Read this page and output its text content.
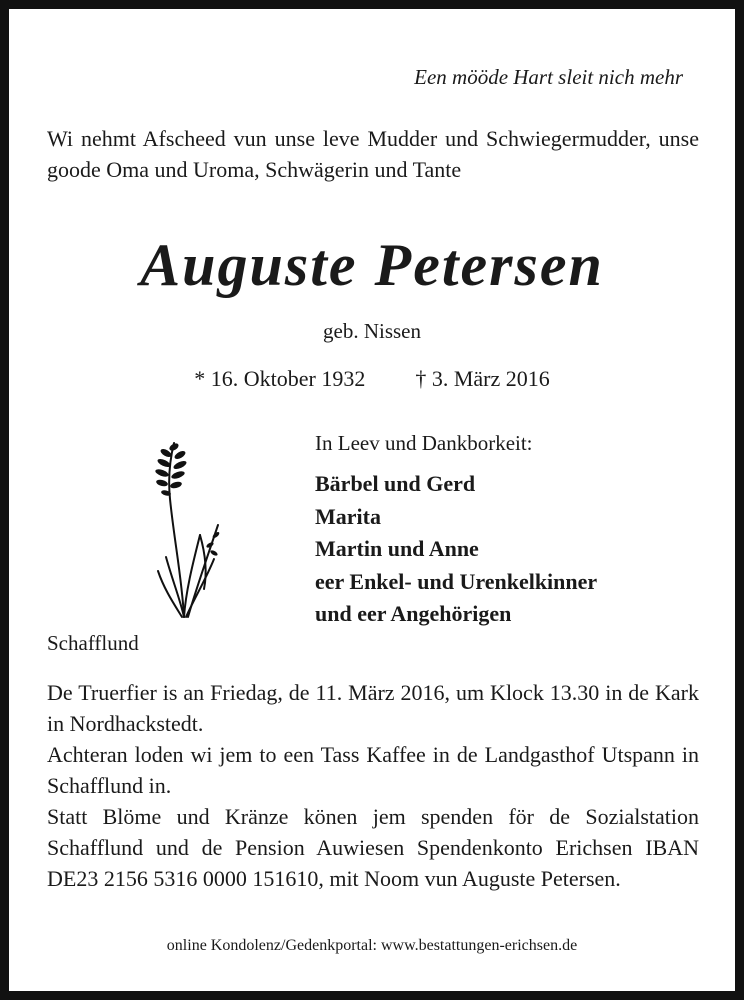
Een mööde Hart sleit nich mehr
Wi nehmt Afscheed vun unse leve Mudder und Schwiegermudder, unse goode Oma und Uroma, Schwägerin und Tante
Auguste Petersen
geb. Nissen
* 16. Oktober 1932 † 3. März 2016
In Leev und Dankborkeit:
Bärbel und Gerd
Marita
Martin und Anne
eer Enkel- und Urenkelkinner
und eer Angehörigen
Schafflund

De Truerfier is an Friedag, de 11. März 2016, um Klock 13.30 in de Kark in Nordhackstedt.

Achteran loden wi jem to een Tass Kaffee in de Landgasthof Utspann in Schafflund in.

Statt Blöme und Kränze könen jem spenden för de Sozialstation Schafflund und de Pension Auwiesen Spendenkonto Erichsen IBAN DE23 2156 5316 0000 151610, mit Noom vun Auguste Petersen.

online Kondolenz/Gedenkportal: www.bestattungen-erichsen.de
